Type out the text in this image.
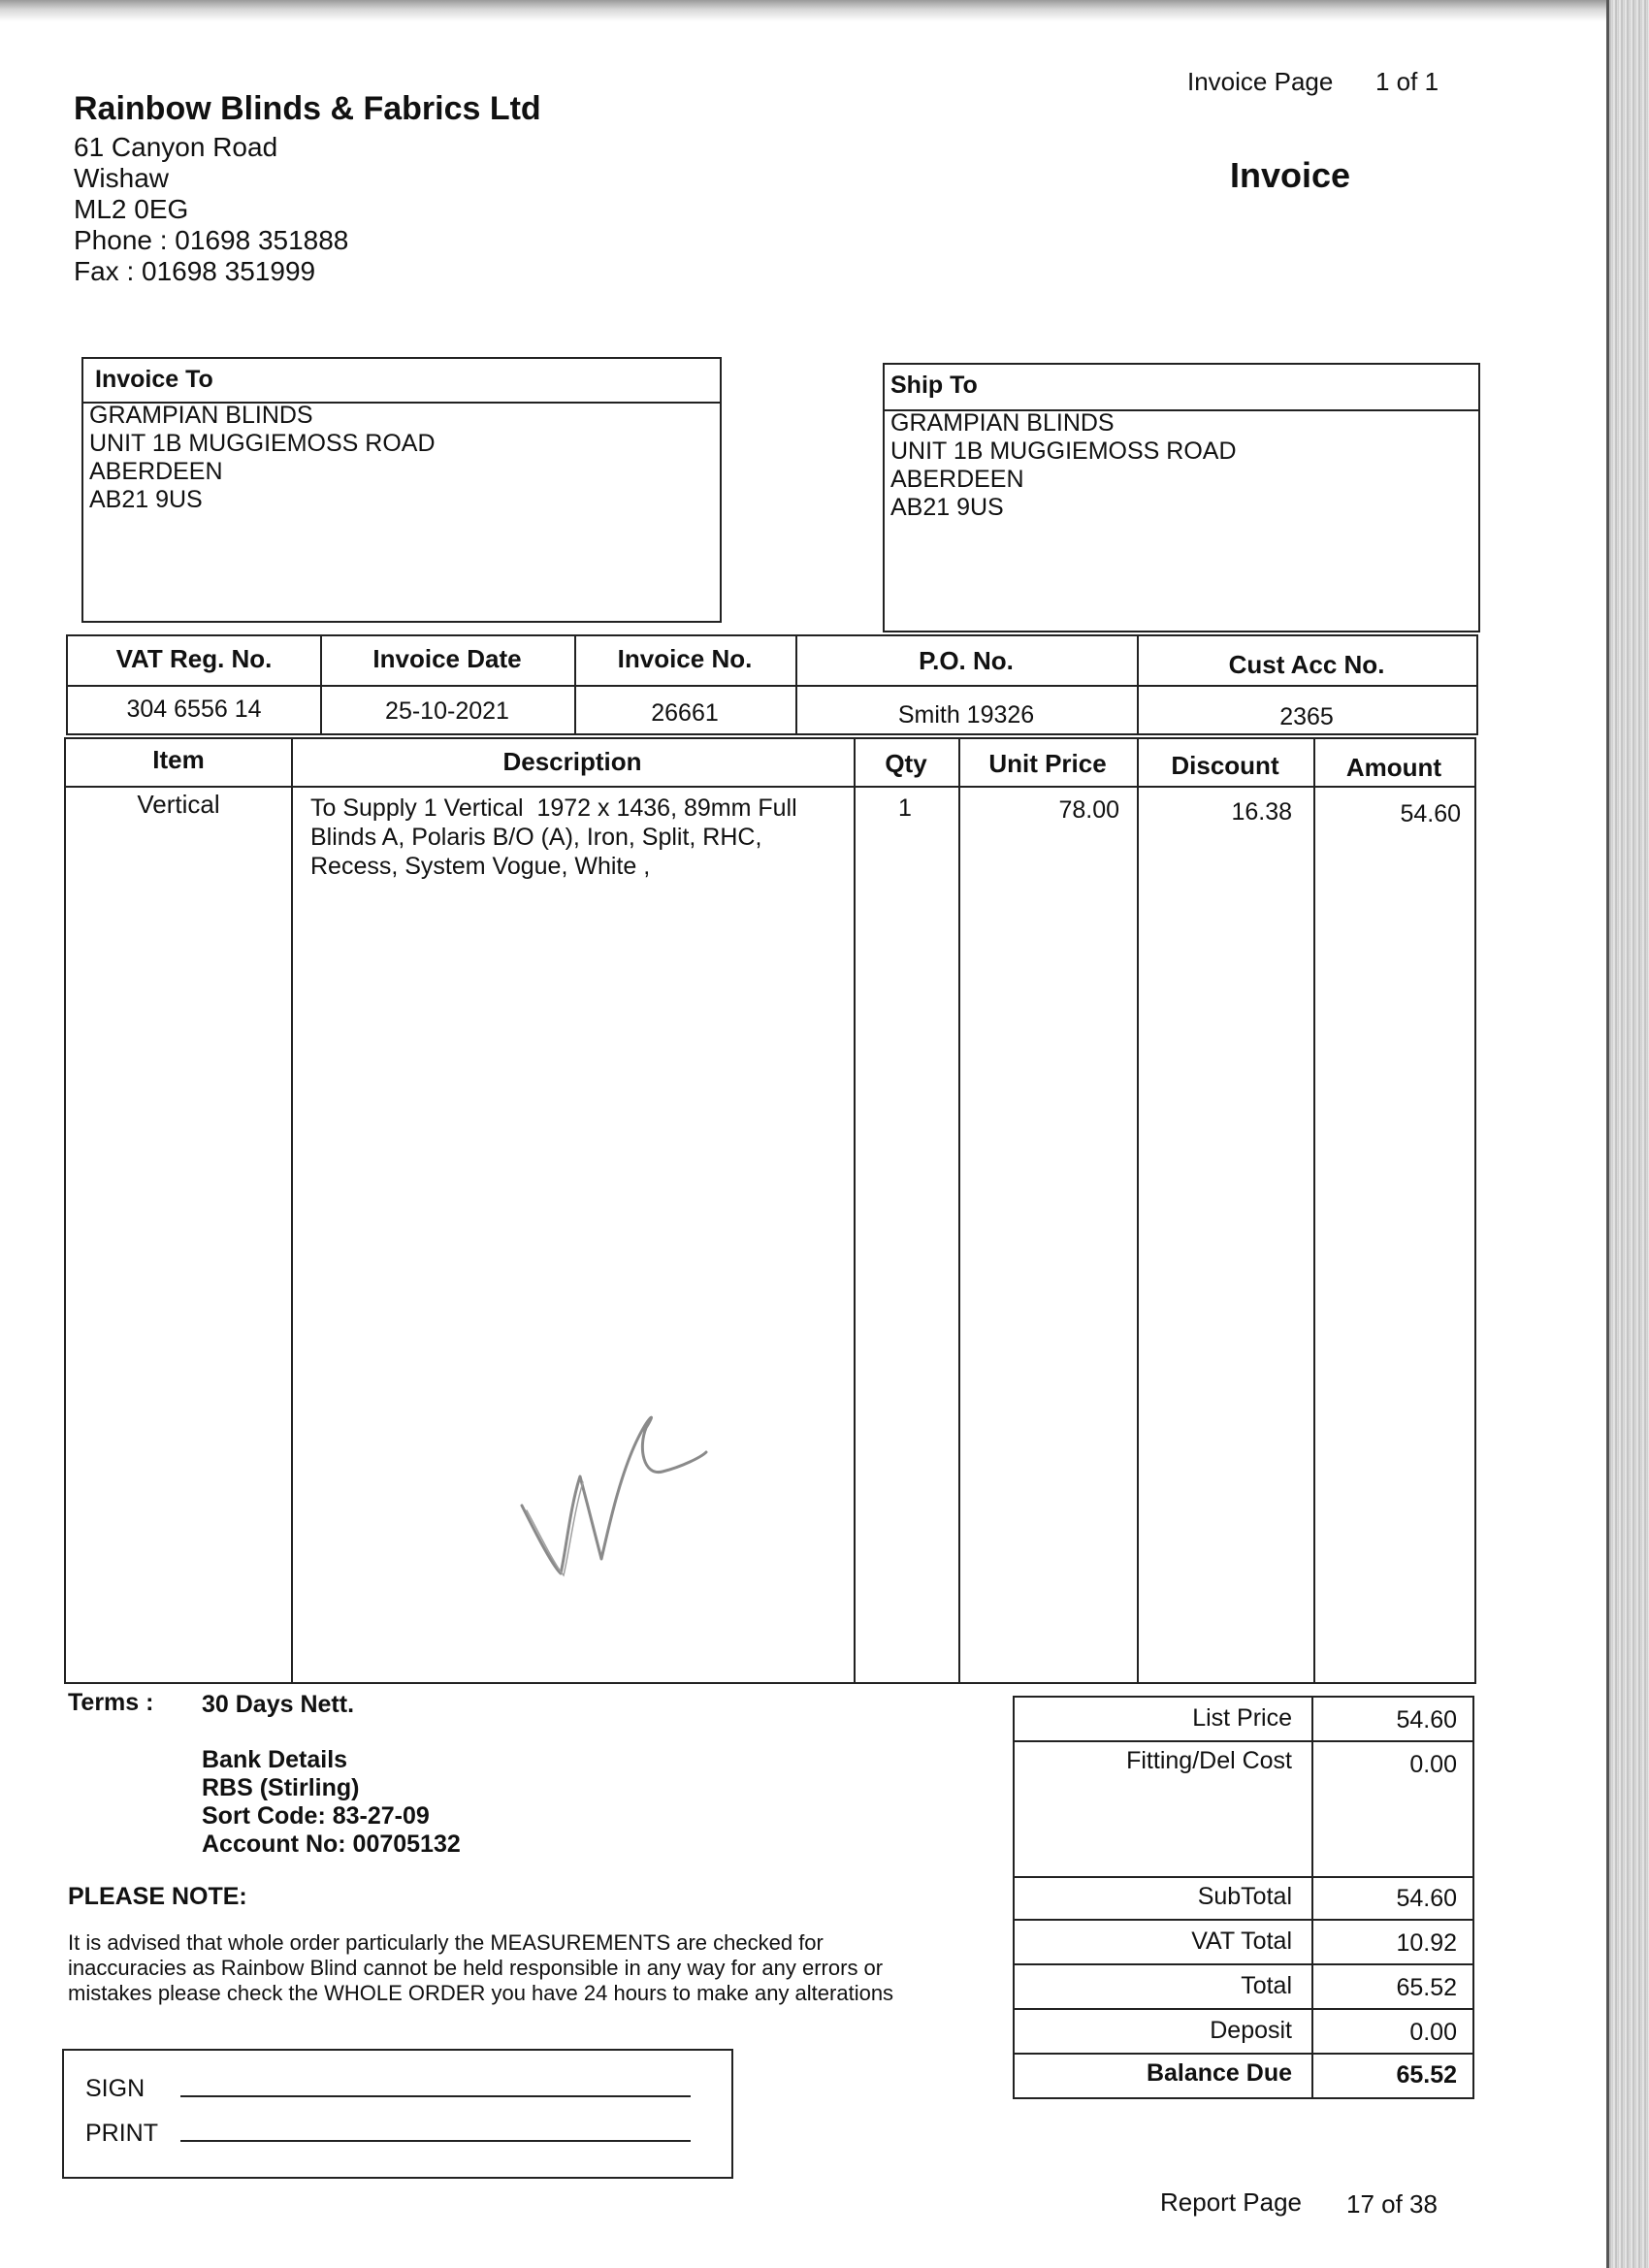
Rainbow Blinds & Fabrics Ltd
61 Canyon Road
Wishaw
ML2 0EG
Phone : 01698 351888
Fax : 01698 351999
Invoice Page 1 of 1
Invoice
Invoice To
GRAMPIAN BLINDS
UNIT 1B MUGGIEMOSS ROAD
ABERDEEN
AB21 9US
Ship To
GRAMPIAN BLINDS
UNIT 1B MUGGIEMOSS ROAD
ABERDEEN
AB21 9US
VAT Reg. No.	Invoice Date	Invoice No.	P.O. No.	Cust Acc No.
304 6556 14	25-10-2021	26661	Smith 19326	2365
Item	Description	Qty	Unit Price	Discount	Amount
Vertical	To Supply 1 Vertical  1972 x 1436, 89mm Full
Blinds A, Polaris B/O (A), Iron, Split, RHC,
Recess, System Vogue, White ,
1	78.00	16.38	54.60
Terms : 30 Days Nett.
Bank Details
RBS (Stirling)
Sort Code: 83-27-09
Account No: 00705132
PLEASE NOTE:
It is advised that whole order particularly the MEASUREMENTS are checked for
inaccuracies as Rainbow Blind cannot be held responsible in any way for any errors or
mistakes please check the WHOLE ORDER you have 24 hours to make any alterations
SIGN
PRINT
List Price	54.60
Fitting/Del Cost	0.00
SubTotal	54.60
VAT Total	10.92
Total	65.52
Deposit	0.00
Balance Due	65.52
Report Page 17 of 38
